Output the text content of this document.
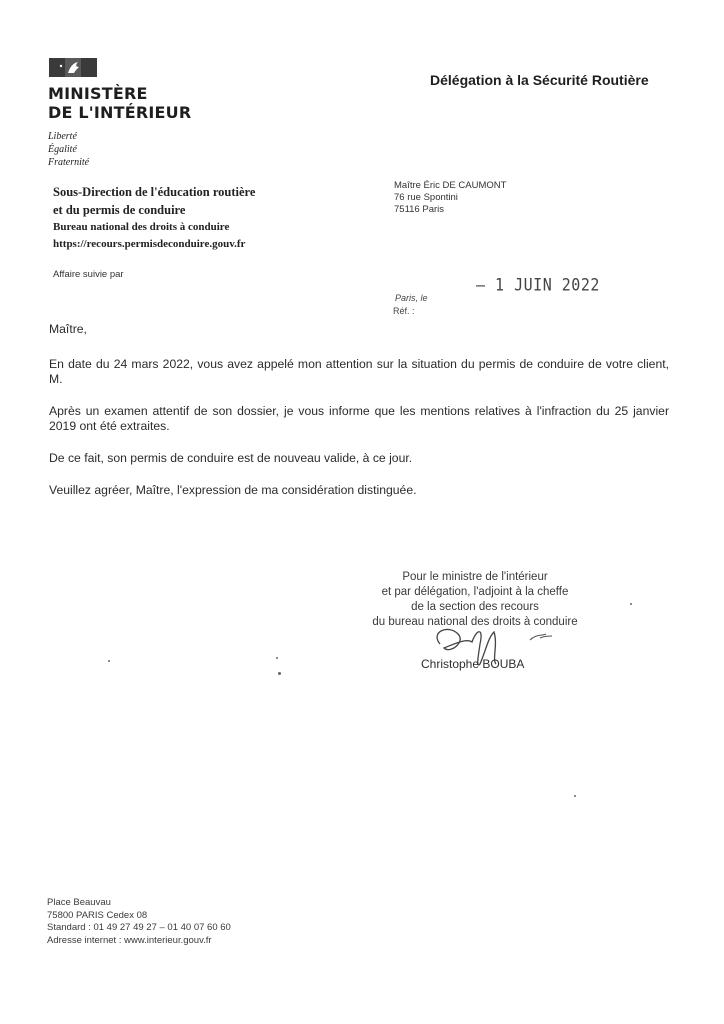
MINISTÈRE
DE L'INTÉRIEUR
Liberté
Égalité
Fraternité
Délégation à la Sécurité Routière
Sous-Direction de l'éducation routière
et du permis de conduire
Bureau national des droits à conduire
https://recours.permisdeconduire.gouv.fr
Affaire suivie par
Maître Éric DE CAUMONT
76 rue Spontini
75116 Paris
– 1 JUIN 2022
Paris, le
Réf. :

Maître,

En date du 24 mars 2022, vous avez appelé mon attention sur la situation du permis de conduire de votre client, M.

Après un examen attentif de son dossier, je vous informe que les mentions relatives à l'infraction du 25 janvier 2019 ont été extraites.

De ce fait, son permis de conduire est de nouveau valide, à ce jour.

Veuillez agréer, Maître, l'expression de ma considération distinguée.

Pour le ministre de l'intérieur
et par délégation, l'adjoint à la cheffe
de la section des recours
du bureau national des droits à conduire
Christophe BOUBA
Place Beauvau
75800 PARIS Cedex 08
Standard : 01 49 27 49 27 – 01 40 07 60 60
Adresse internet : www.interieur.gouv.fr
